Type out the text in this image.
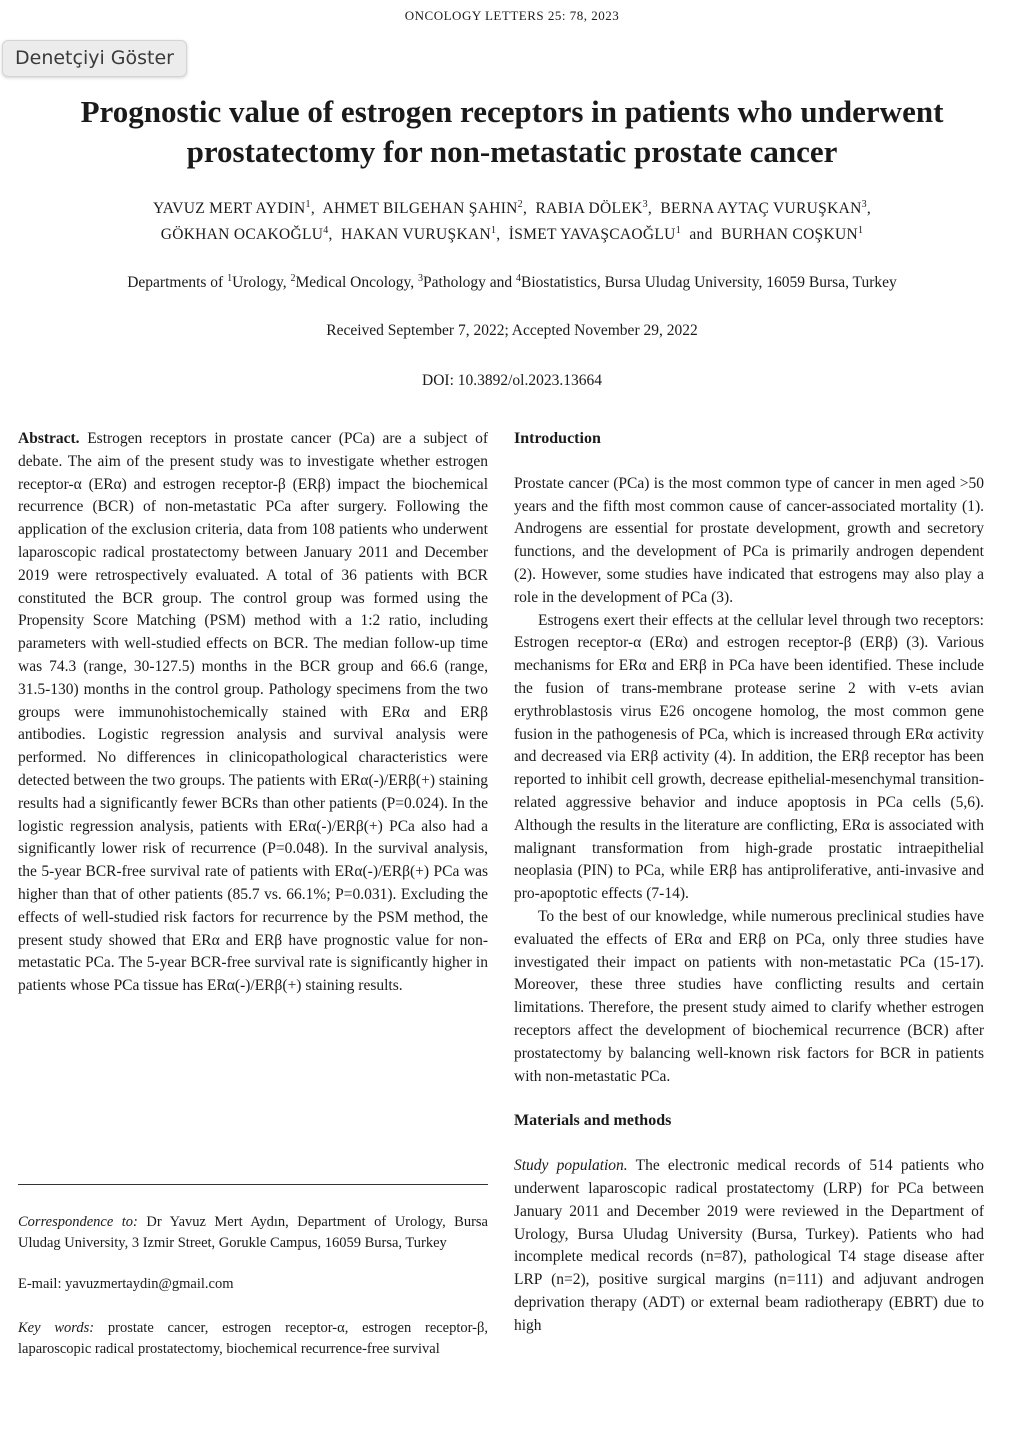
ONCOLOGY LETTERS 25: 78, 2023
Denetçiyi Göster
Prognostic value of estrogen receptors in patients who underwent prostatectomy for non-metastatic prostate cancer
YAVUZ MERT AYDIN$^1$,  AHMET BILGEHAN ŞAHIN$^2$,  RABIA DÖLEK$^3$,  BERNA AYTAÇ VURUŞKAN$^3$,
GÖKHAN OCAKOĞLU$^4$,  HAKAN VURUŞKAN$^1$,  İSMET YAVAŞCAOĞLU$^1$ and BURHAN COŞKUN$^1$
Departments of $^1$Urology, $^2$Medical Oncology, $^3$Pathology and $^4$Biostatistics, Bursa Uludag University, 16059 Bursa, Turkey
Received September 7, 2022; Accepted November 29, 2022
DOI: 10.3892/ol.2023.13664

Abstract. Estrogen receptors in prostate cancer (PCa) are a subject of debate. The aim of the present study was to investigate whether estrogen receptor-α (ERα) and estrogen receptor-β (ERβ) impact the biochemical recurrence (BCR) of non-metastatic PCa after surgery. Following the application of the exclusion criteria, data from 108 patients who underwent laparoscopic radical prostatectomy between January 2011 and December 2019 were retrospectively evaluated. A total of 36 patients with BCR constituted the BCR group. The control group was formed using the Propensity Score Matching (PSM) method with a 1:2 ratio, including parameters with well-studied effects on BCR. The median follow-up time was 74.3 (range, 30-127.5) months in the BCR group and 66.6 (range, 31.5-130) months in the control group. Pathology specimens from the two groups were immunohistochemically stained with ERα and ERβ antibodies. Logistic regression analysis and survival analysis were performed. No differences in clinicopathological characteristics were detected between the two groups. The patients with ERα(-)/ERβ(+) staining results had a significantly fewer BCRs than other patients (P=0.024). In the logistic regression analysis, patients with ERα(-)/ERβ(+) PCa also had a significantly lower risk of recurrence (P=0.048). In the survival analysis, the 5-year BCR-free survival rate of patients with ERα(-)/ERβ(+) PCa was higher than that of other patients (85.7 vs. 66.1%; P=0.031). Excluding the effects of well-studied risk factors for recurrence by the PSM method, the present study showed that ERα and ERβ have prognostic value for non-metastatic PCa. The 5-year BCR-free survival rate is significantly higher in patients whose PCa tissue has ERα(-)/ERβ(+) staining results.

Correspondence to: Dr Yavuz Mert Aydın, Department of Urology, Bursa Uludag University, 3 Izmir Street, Gorukle Campus, 16059 Bursa, Turkey
E-mail: yavuzmertaydin@gmail.com
Key words: prostate cancer, estrogen receptor-α, estrogen receptor-β, laparoscopic radical prostatectomy, biochemical recurrence-free survival

Introduction

Prostate cancer (PCa) is the most common type of cancer in men aged >50 years and the fifth most common cause of cancer-associated mortality (1). Androgens are essential for prostate development, growth and secretory functions, and the development of PCa is primarily androgen dependent (2). However, some studies have indicated that estrogens may also play a role in the development of PCa (3).

Estrogens exert their effects at the cellular level through two receptors: Estrogen receptor-α (ERα) and estrogen receptor-β (ERβ) (3). Various mechanisms for ERα and ERβ in PCa have been identified. These include the fusion of trans-membrane protease serine 2 with v-ets avian erythroblastosis virus E26 oncogene homolog, the most common gene fusion in the pathogenesis of PCa, which is increased through ERα activity and decreased via ERβ activity (4). In addition, the ERβ receptor has been reported to inhibit cell growth, decrease epithelial-mesenchymal transition-related aggressive behavior and induce apoptosis in PCa cells (5,6). Although the results in the literature are conflicting, ERα is associated with malignant transformation from high-grade prostatic intraepithelial neoplasia (PIN) to PCa, while ERβ has antiproliferative, anti-invasive and pro-apoptotic effects (7-14).

To the best of our knowledge, while numerous preclinical studies have evaluated the effects of ERα and ERβ on PCa, only three studies have investigated their impact on patients with non-metastatic PCa (15-17). Moreover, these three studies have conflicting results and certain limitations. Therefore, the present study aimed to clarify whether estrogen receptors affect the development of biochemical recurrence (BCR) after prostatectomy by balancing well-known risk factors for BCR in patients with non-metastatic PCa.

Materials and methods

Study population. The electronic medical records of 514 patients who underwent laparoscopic radical prostatectomy (LRP) for PCa between January 2011 and December 2019 were reviewed in the Department of Urology, Bursa Uludag University (Bursa, Turkey). Patients who had incomplete medical records (n=87), pathological T4 stage disease after LRP (n=2), positive surgical margins (n=111) and adjuvant androgen deprivation therapy (ADT) or external beam radiotherapy (EBRT) due to high
